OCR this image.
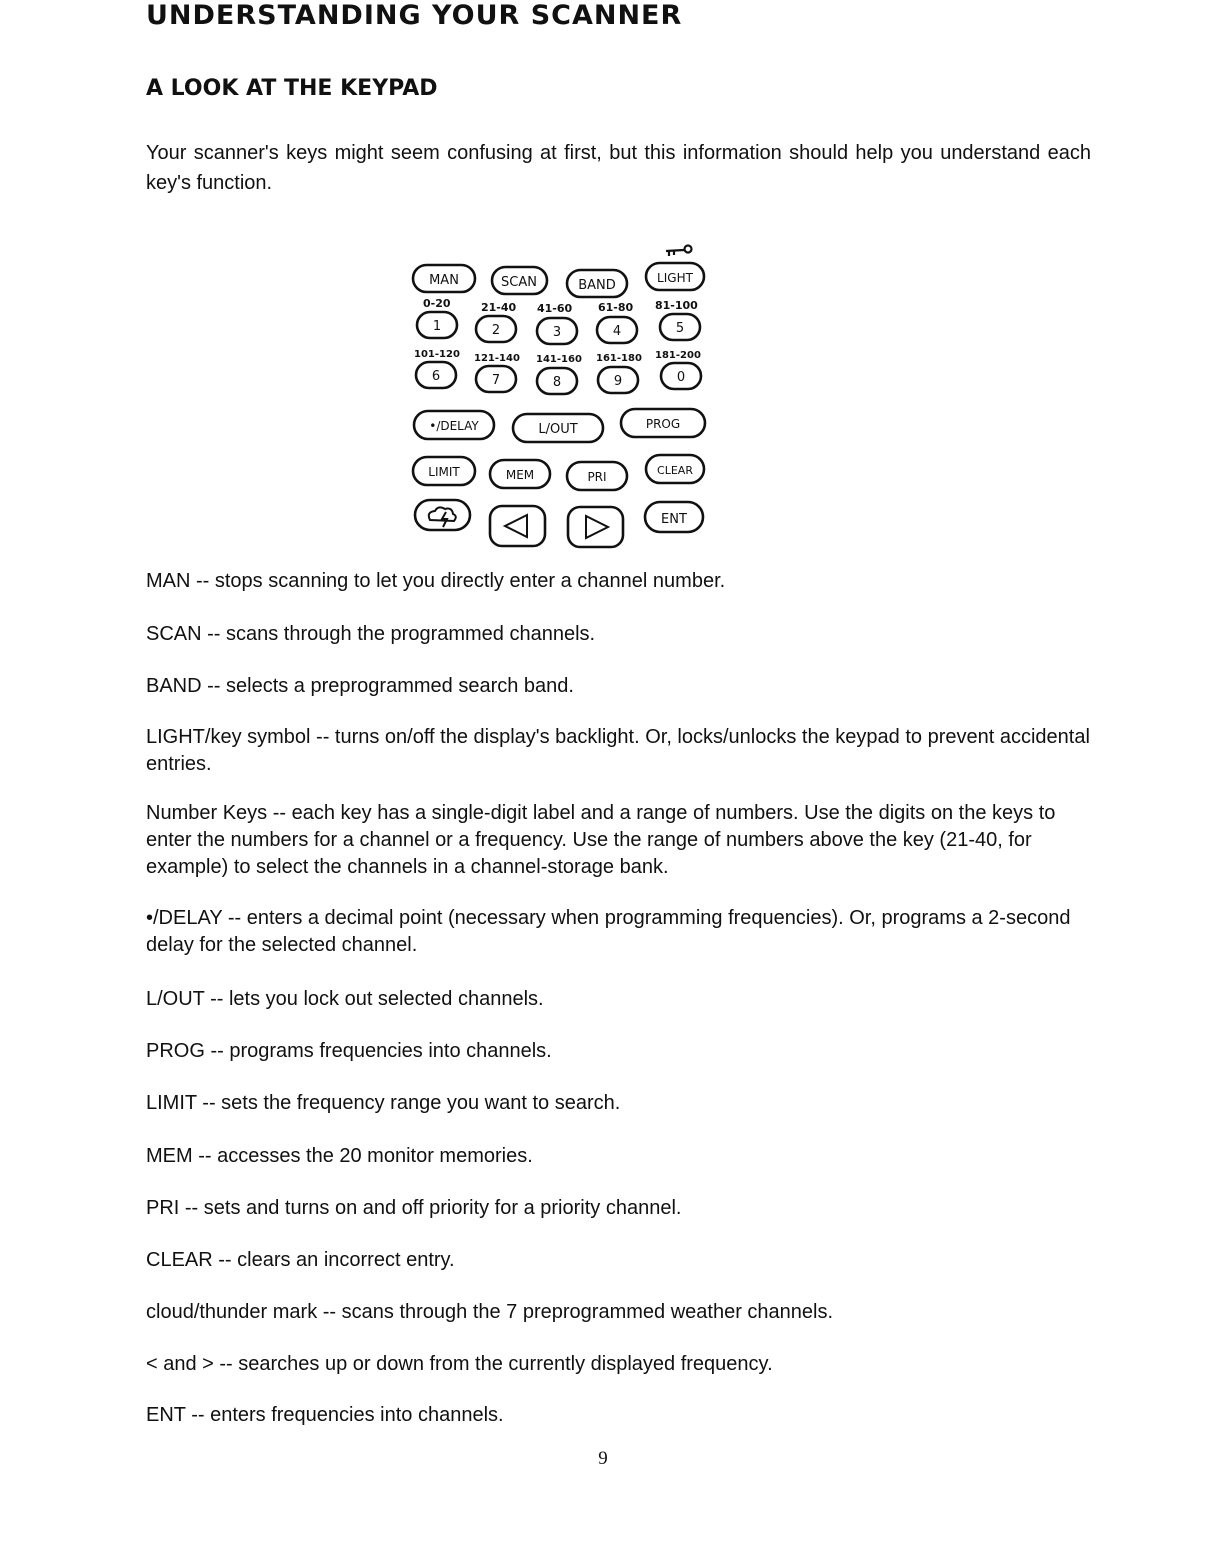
UNDERSTANDING YOUR SCANNER
A LOOK AT THE KEYPAD

Your scanner's keys might seem confusing at first, but this information should help you understand each key's function.

MAN	SCAN	BAND	LIGHT
0-20	21-40 41-60 61-80 81-100
1	2	3	4	5
101-120 121-140 141-160 161-180 181-200
6	7	8	9	0
•/DELAY	L/OUT	PROG
LIMIT	MEM	PRI	CLEAR
ENT

MAN -- stops scanning to let you directly enter a channel number.

SCAN -- scans through the programmed channels.

BAND -- selects a preprogrammed search band.

LIGHT/key symbol -- turns on/off the display's backlight. Or, locks/unlocks the keypad to prevent accidental entries.

Number Keys -- each key has a single-digit label and a range of numbers. Use the digits on the keys to enter the numbers for a channel or a frequency. Use the range of numbers above the key (21-40, for example) to select the channels in a channel-storage bank.

•/DELAY -- enters a decimal point (necessary when programming frequencies). Or, programs a 2-second delay for the selected channel.

L/OUT -- lets you lock out selected channels.

PROG -- programs frequencies into channels.

LIMIT -- sets the frequency range you want to search.

MEM -- accesses the 20 monitor memories.

PRI -- sets and turns on and off priority for a priority channel.

CLEAR -- clears an incorrect entry.

cloud/thunder mark -- scans through the 7 preprogrammed weather channels.

< and > -- searches up or down from the currently displayed frequency.

ENT -- enters frequencies into channels.

9
